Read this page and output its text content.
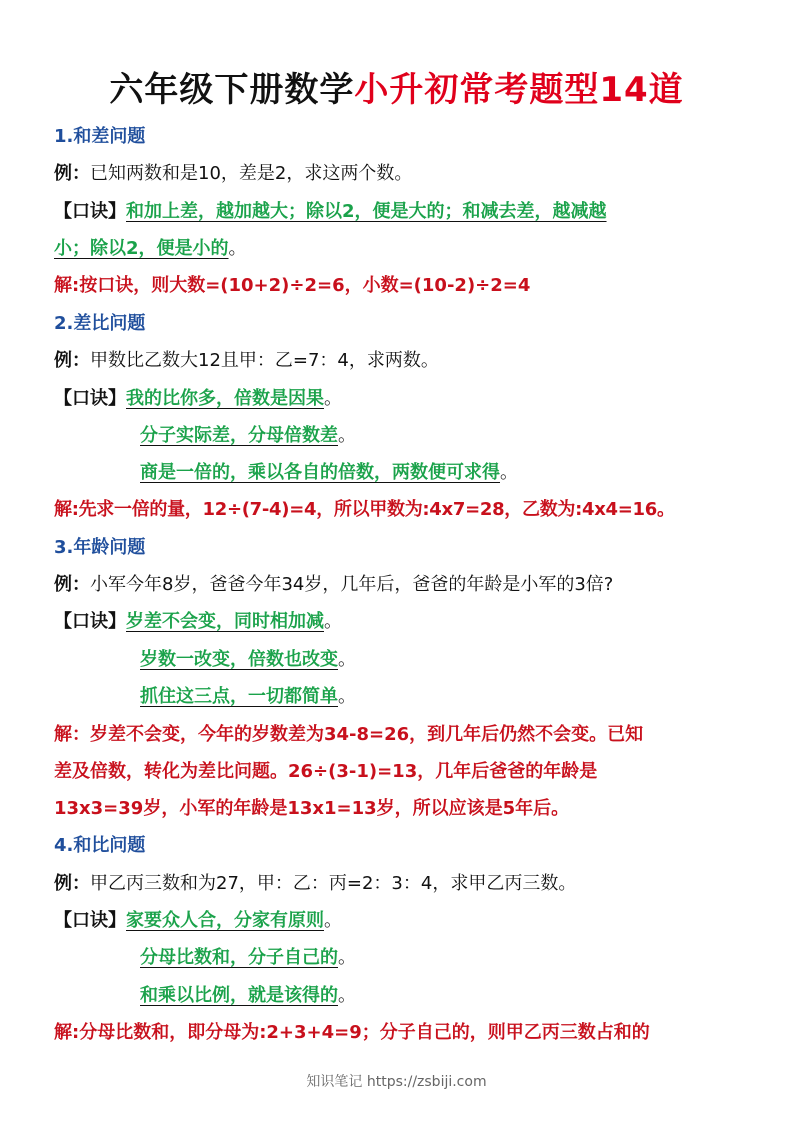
六年级下册数学小升初常考题型14道
1.和差问题
例：已知两数和是10，差是2，求这两个数。
【口诀】和加上差，越加越大；除以2，便是大的；和减去差，越减越
小；除以2，便是小的。
解:按口诀，则大数=(10+2)÷2=6，小数=(10-2)÷2=4
2.差比问题
例：甲数比乙数大12且甲：乙=7：4，求两数。
【口诀】我的比你多，倍数是因果。
分子实际差，分母倍数差。
商是一倍的，乘以各自的倍数，两数便可求得。
解:先求一倍的量，12÷(7-4)=4，所以甲数为:4x7=28，乙数为:4x4=16。
3.年龄问题
例：小军今年8岁，爸爸今年34岁，几年后，爸爸的年龄是小军的3倍?
【口诀】岁差不会变，同时相加减。
岁数一改变，倍数也改变。
抓住这三点，一切都简单。
解：岁差不会变，今年的岁数差为34-8=26，到几年后仍然不会变。已知
差及倍数，转化为差比问题。26÷(3-1)=13，几年后爸爸的年龄是
13x3=39岁，小军的年龄是13x1=13岁，所以应该是5年后。
4.和比问题
例：甲乙丙三数和为27，甲：乙：丙=2：3：4，求甲乙丙三数。
【口诀】家要众人合，分家有原则。
分母比数和，分子自己的。
和乘以比例，就是该得的。
解:分母比数和，即分母为:2+3+4=9；分子自己的，则甲乙丙三数占和的
知识笔记 https://zsbiji.com
